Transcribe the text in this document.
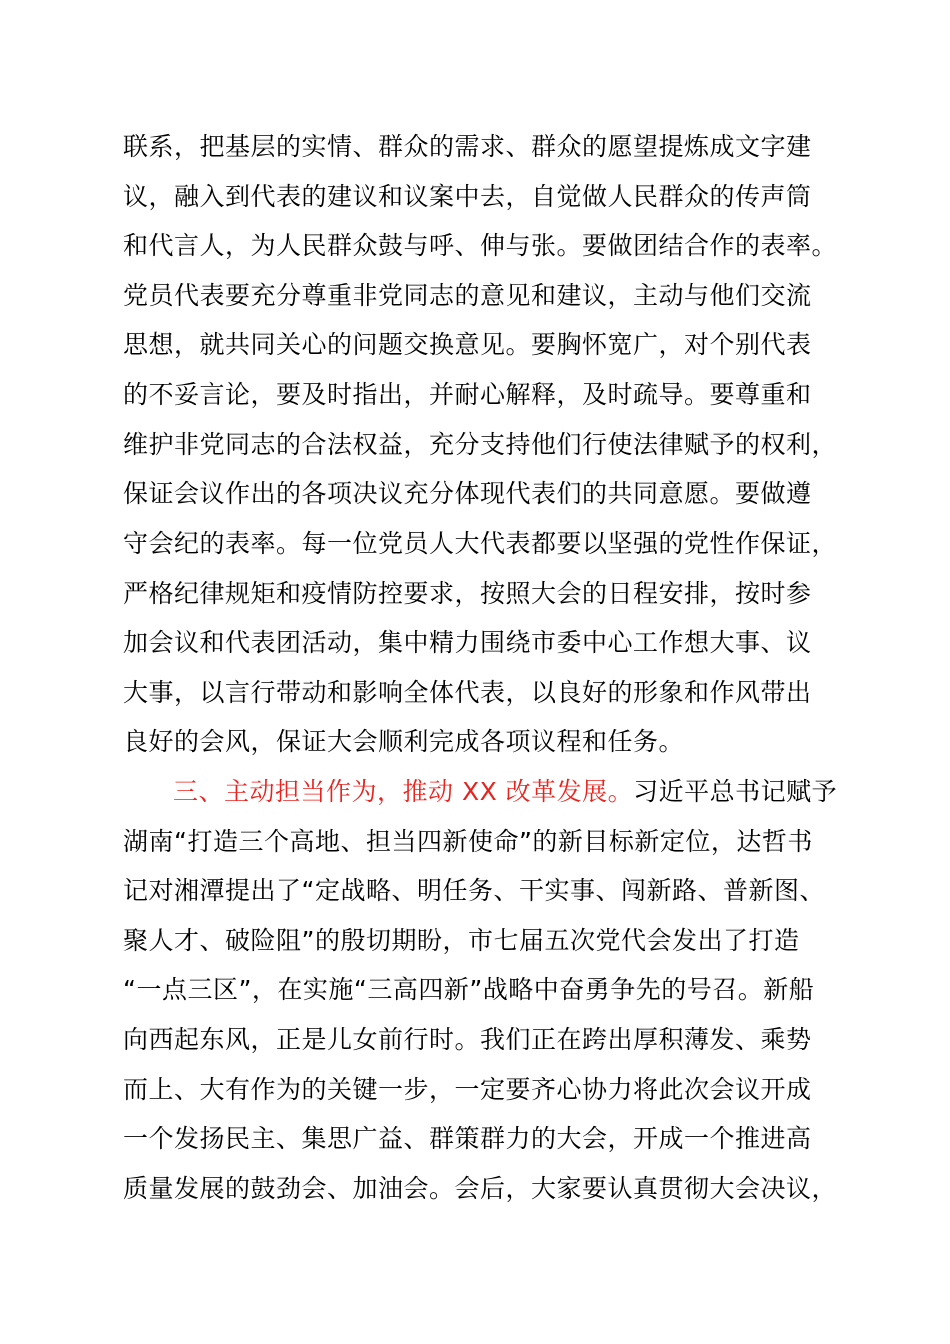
联系，把基层的实情、群众的需求、群众的愿望提炼成文字建
议，融入到代表的建议和议案中去，自觉做人民群众的传声筒
和代言人，为人民群众鼓与呼、伸与张。要做团结合作的表率。
党员代表要充分尊重非党同志的意见和建议，主动与他们交流
思想，就共同关心的问题交换意见。要胸怀宽广，对个别代表
的不妥言论，要及时指出，并耐心解释，及时疏导。要尊重和
维护非党同志的合法权益，充分支持他们行使法律赋予的权利，
保证会议作出的各项决议充分体现代表们的共同意愿。要做遵
守会纪的表率。每一位党员人大代表都要以坚强的党性作保证，
严格纪律规矩和疫情防控要求，按照大会的日程安排，按时参
加会议和代表团活动，集中精力围绕市委中心工作想大事、议
大事，以言行带动和影响全体代表，以良好的形象和作风带出
良好的会风，保证大会顺利完成各项议程和任务。
三、主动担当作为，推动 XX 改革发展。习近平总书记赋予
湖南“打造三个高地、担当四新使命”的新目标新定位，达哲书
记对湘潭提出了“定战略、明任务、干实事、闯新路、普新图、
聚人才、破险阻”的殷切期盼，市七届五次党代会发出了打造
“一点三区”，在实施“三高四新”战略中奋勇争先的号召。新船
向西起东风，正是儿女前行时。我们正在跨出厚积薄发、乘势
而上、大有作为的关键一步，一定要齐心协力将此次会议开成
一个发扬民主、集思广益、群策群力的大会，开成一个推进高
质量发展的鼓劲会、加油会。会后，大家要认真贯彻大会决议，
